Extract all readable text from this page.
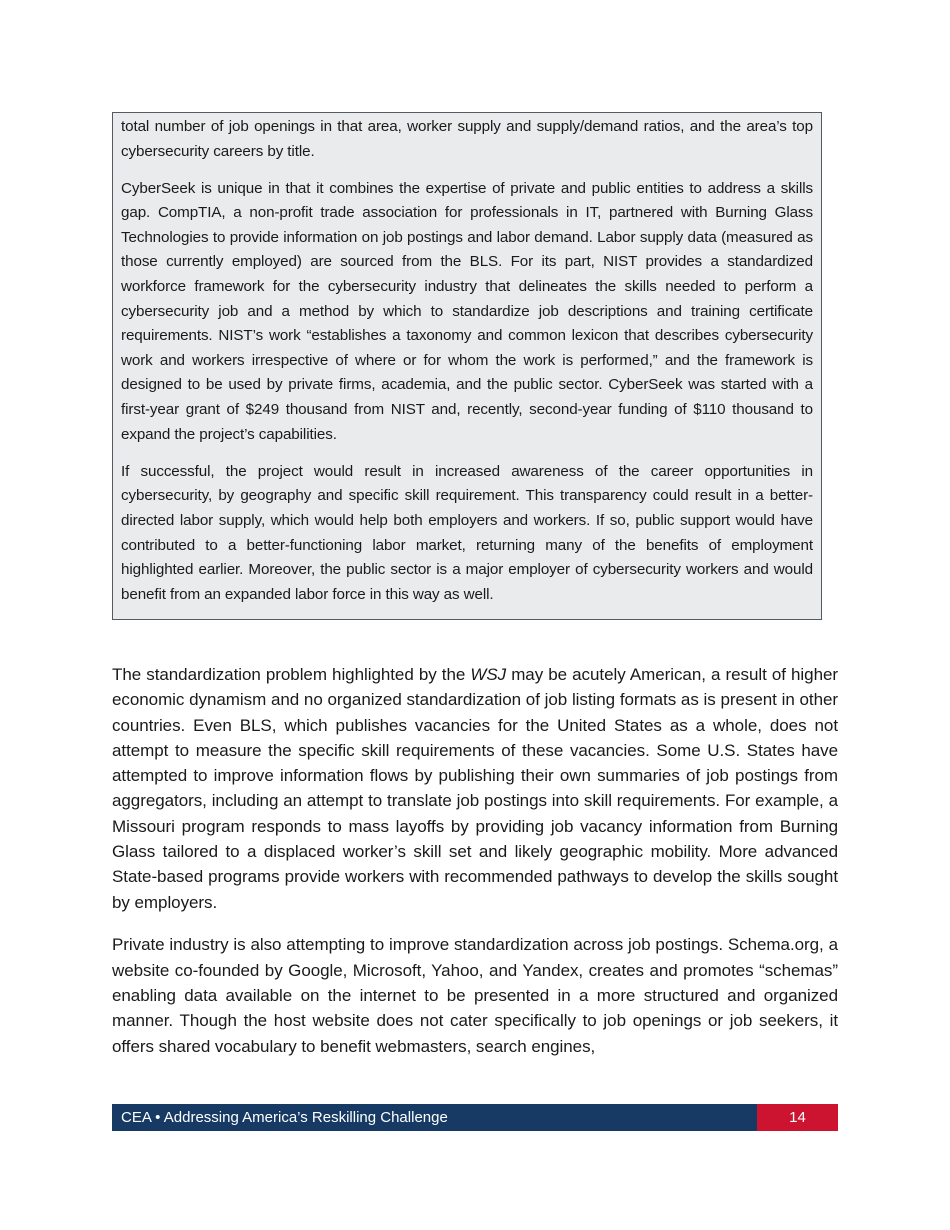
total number of job openings in that area, worker supply and supply/demand ratios, and the area’s top cybersecurity careers by title.

CyberSeek is unique in that it combines the expertise of private and public entities to address a skills gap. CompTIA, a non-profit trade association for professionals in IT, partnered with Burning Glass Technologies to provide information on job postings and labor demand. Labor supply data (measured as those currently employed) are sourced from the BLS. For its part, NIST provides a standardized workforce framework for the cybersecurity industry that delineates the skills needed to perform a cybersecurity job and a method by which to standardize job descriptions and training certificate requirements. NIST’s work “establishes a taxonomy and common lexicon that describes cybersecurity work and workers irrespective of where or for whom the work is performed,” and the framework is designed to be used by private firms, academia, and the public sector. CyberSeek was started with a first-year grant of $249 thousand from NIST and, recently, second-year funding of $110 thousand to expand the project’s capabilities.

If successful, the project would result in increased awareness of the career opportunities in cybersecurity, by geography and specific skill requirement. This transparency could result in a better-directed labor supply, which would help both employers and workers. If so, public support would have contributed to a better-functioning labor market, returning many of the benefits of employment highlighted earlier. Moreover, the public sector is a major employer of cybersecurity workers and would benefit from an expanded labor force in this way as well.

The standardization problem highlighted by the WSJ may be acutely American, a result of higher economic dynamism and no organized standardization of job listing formats as is present in other countries. Even BLS, which publishes vacancies for the United States as a whole, does not attempt to measure the specific skill requirements of these vacancies. Some U.S. States have attempted to improve information flows by publishing their own summaries of job postings from aggregators, including an attempt to translate job postings into skill requirements. For example, a Missouri program responds to mass layoffs by providing job vacancy information from Burning Glass tailored to a displaced worker’s skill set and likely geographic mobility. More advanced State-based programs provide workers with recommended pathways to develop the skills sought by employers.

Private industry is also attempting to improve standardization across job postings. Schema.org, a website co-founded by Google, Microsoft, Yahoo, and Yandex, creates and promotes “schemas” enabling data available on the internet to be presented in a more structured and organized manner. Though the host website does not cater specifically to job openings or job seekers, it offers shared vocabulary to benefit webmasters, search engines,

CEA • Addressing America’s Reskilling Challenge	14
